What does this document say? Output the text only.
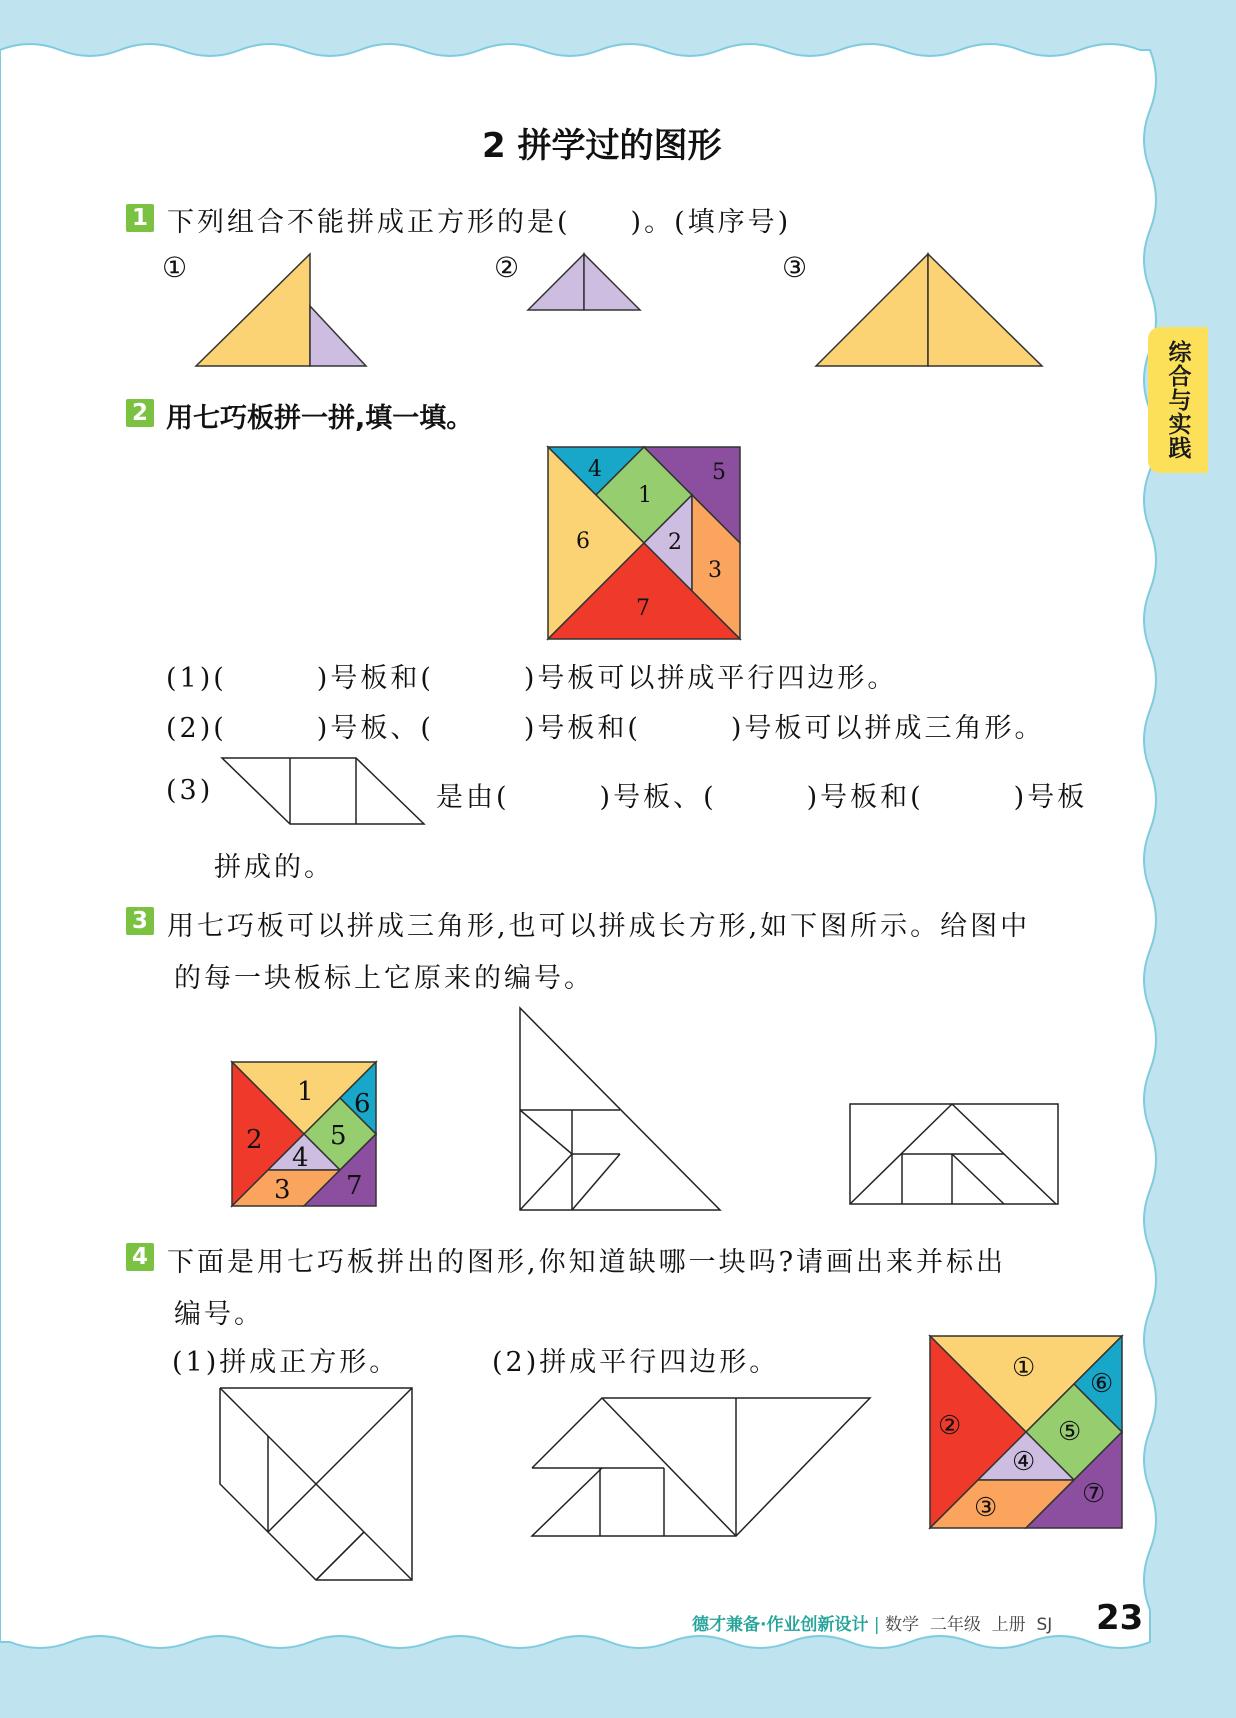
综合与实践
2 拼学过的图形
1 下列组合不能拼成正方形的是(　　)。(填序号)
①	②	③
2 用七巧板拼一拼,填一填。
4
1
5
2
3
6
7
(1)(　　　)号板和(　　　)号板可以拼成平行四边形。
(2)(　　　)号板、(　　　)号板和(　　　)号板可以拼成三角形。
(3)	是由(　　　)号板、(　　　)号板和(　　　)号板
拼成的。
3 用七巧板可以拼成三角形,也可以拼成长方形,如下图所示。给图中
的每一块板标上它原来的编号。
1
2
6
5
4
3 7
4 下面是用七巧板拼出的图形,你知道缺哪一块吗?请画出来并标出
编号。
(1)拼成正方形。	(2)拼成平行四边形。	①
②
⑥
⑤
④
③	⑦
德才兼备·作业创新设计 | 数学  二年级  上册  SJ 23
